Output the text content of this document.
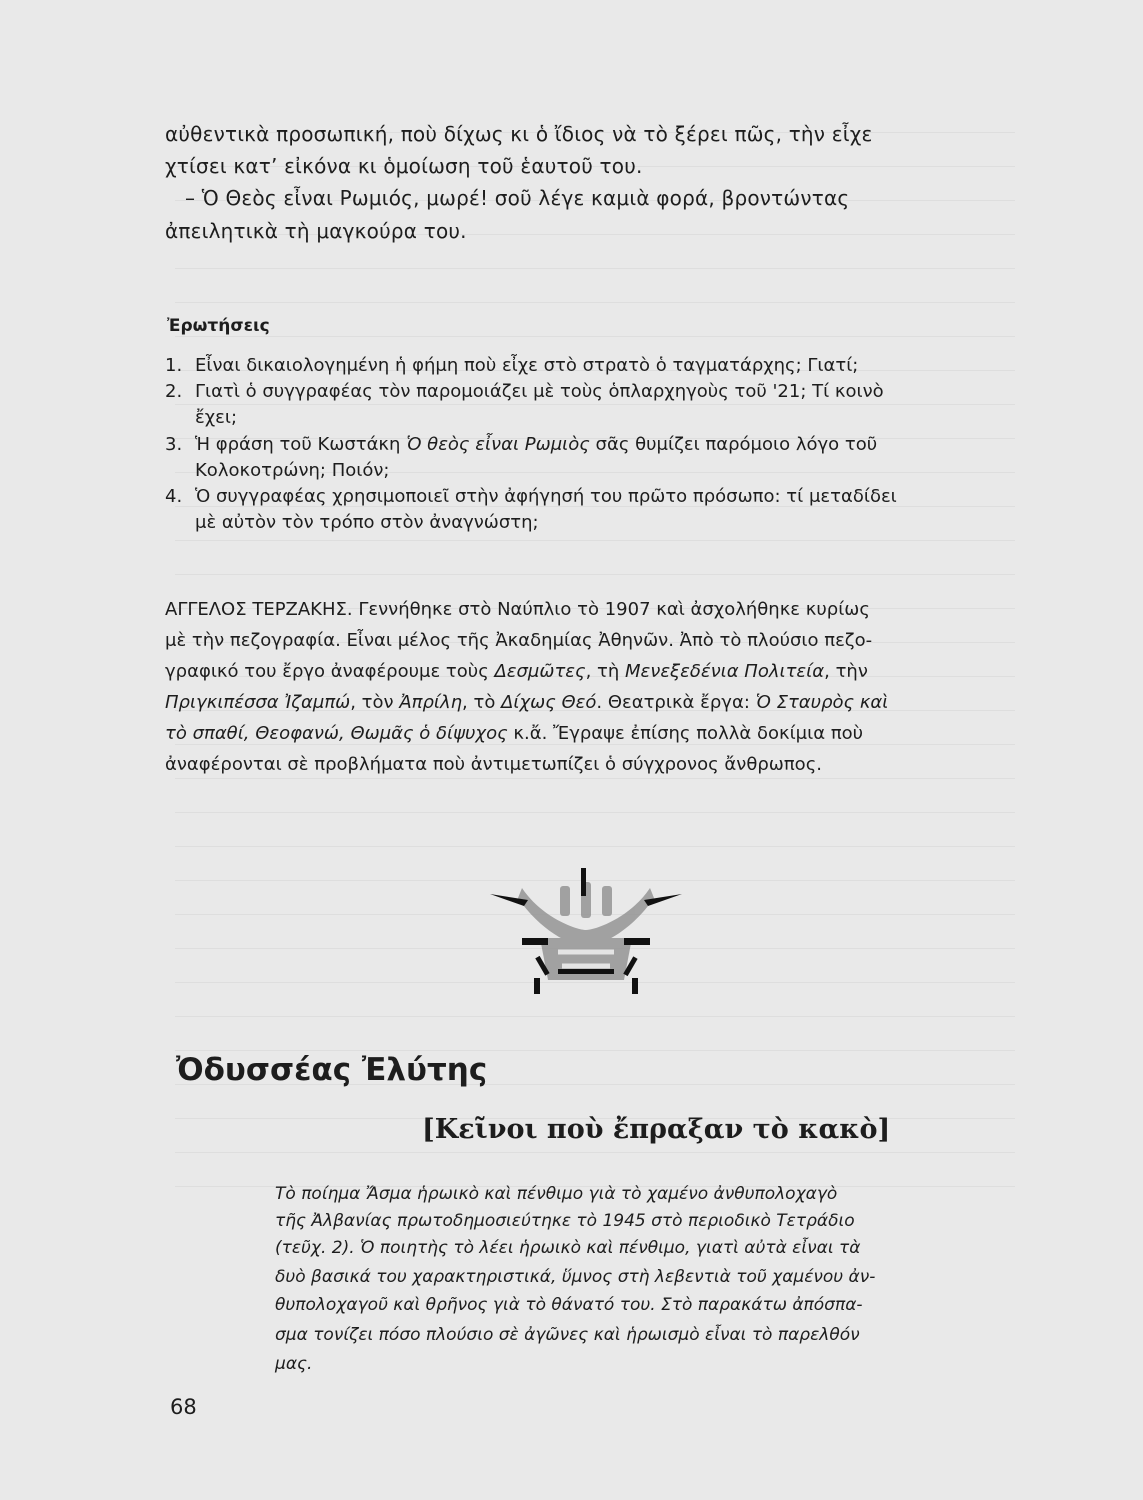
αὐθεντικὰ προσωπική, ποὺ δίχως κι ὁ ἴδιος νὰ τὸ ξέρει πῶς, τὴν εἶχε
χτίσει κατ’ εἰκόνα κι ὁμοίωση τοῦ ἑαυτοῦ του.
– Ὁ Θεὸς εἶναι Ρωμιός, μωρέ! σοῦ λέγε καμιὰ φορά, βροντώντας
ἀπειλητικὰ τὴ μαγκούρα του.
Ἐρωτήσεις
1. Εἶναι δικαιολογημένη ἡ φήμη ποὺ εἶχε στὸ στρατὸ ὁ ταγματάρχης; Γιατί;
2. Γιατὶ ὁ συγγραφέας τὸν παρομοιάζει μὲ τοὺς ὁπλαρχηγοὺς τοῦ '21; Τί κοινὸ
ἔχει;
3. Ἡ φράση τοῦ Κωστάκη Ὁ θεὸς εἶναι Ρωμιὸς σᾶς θυμίζει παρόμοιο λόγο τοῦ
Κολοκοτρώνη; Ποιόν;
4. Ὁ συγγραφέας χρησιμοποιεῖ στὴν ἀφήγησή του πρῶτο πρόσωπο: τί μεταδίδει
μὲ αὐτὸν τὸν τρόπο στὸν ἀναγνώστη;
ΑΓΓΕΛΟΣ ΤΕΡΖΑΚΗΣ. Γεννήθηκε στὸ Ναύπλιο τὸ 1907 καὶ ἀσχολήθηκε κυρίως
μὲ τὴν πεζογραφία. Εἶναι μέλος τῆς Ἀκαδημίας Ἀθηνῶν. Ἀπὸ τὸ πλούσιο πεζο-
γραφικό του ἔργο ἀναφέρουμε τοὺς Δεσμῶτες, τὴ Μενεξεδένια Πολιτεία, τὴν
Πριγκιπέσσα Ἰζαμπώ, τὸν Ἀπρίλη, τὸ Δίχως Θεό. Θεατρικὰ ἔργα: Ὁ Σταυρὸς καὶ
τὸ σπαθί, Θεοφανώ, Θωμᾶς ὁ δίψυχος κ.ἄ. Ἔγραψε ἐπίσης πολλὰ δοκίμια ποὺ
ἀναφέρονται σὲ προβλήματα ποὺ ἀντιμετωπίζει ὁ σύγχρονος ἄνθρωπος.
Ὀδυσσέας Ἐλύτης
[Κεῖνοι ποὺ ἔπραξαν τὸ κακὸ]
Τὸ ποίημα Ἄσμα ἡρωικὸ καὶ πένθιμο γιὰ τὸ χαμένο ἀνθυπολοχαγὸ
τῆς Ἀλβανίας πρωτοδημοσιεύτηκε τὸ 1945 στὸ περιοδικὸ Τετράδιο
(τεῦχ. 2). Ὁ ποιητὴς τὸ λέει ἡρωικὸ καὶ πένθιμο, γιατὶ αὐτὰ εἶναι τὰ
δυὸ βασικά του χαρακτηριστικά, ὕμνος στὴ λεβεντιὰ τοῦ χαμένου ἀν-
θυπολοχαγοῦ καὶ θρῆνος γιὰ τὸ θάνατό του. Στὸ παρακάτω ἀπόσπα-
σμα τονίζει πόσο πλούσιο σὲ ἀγῶνες καὶ ἡρωισμὸ εἶναι τὸ παρελθόν
μας.
68
